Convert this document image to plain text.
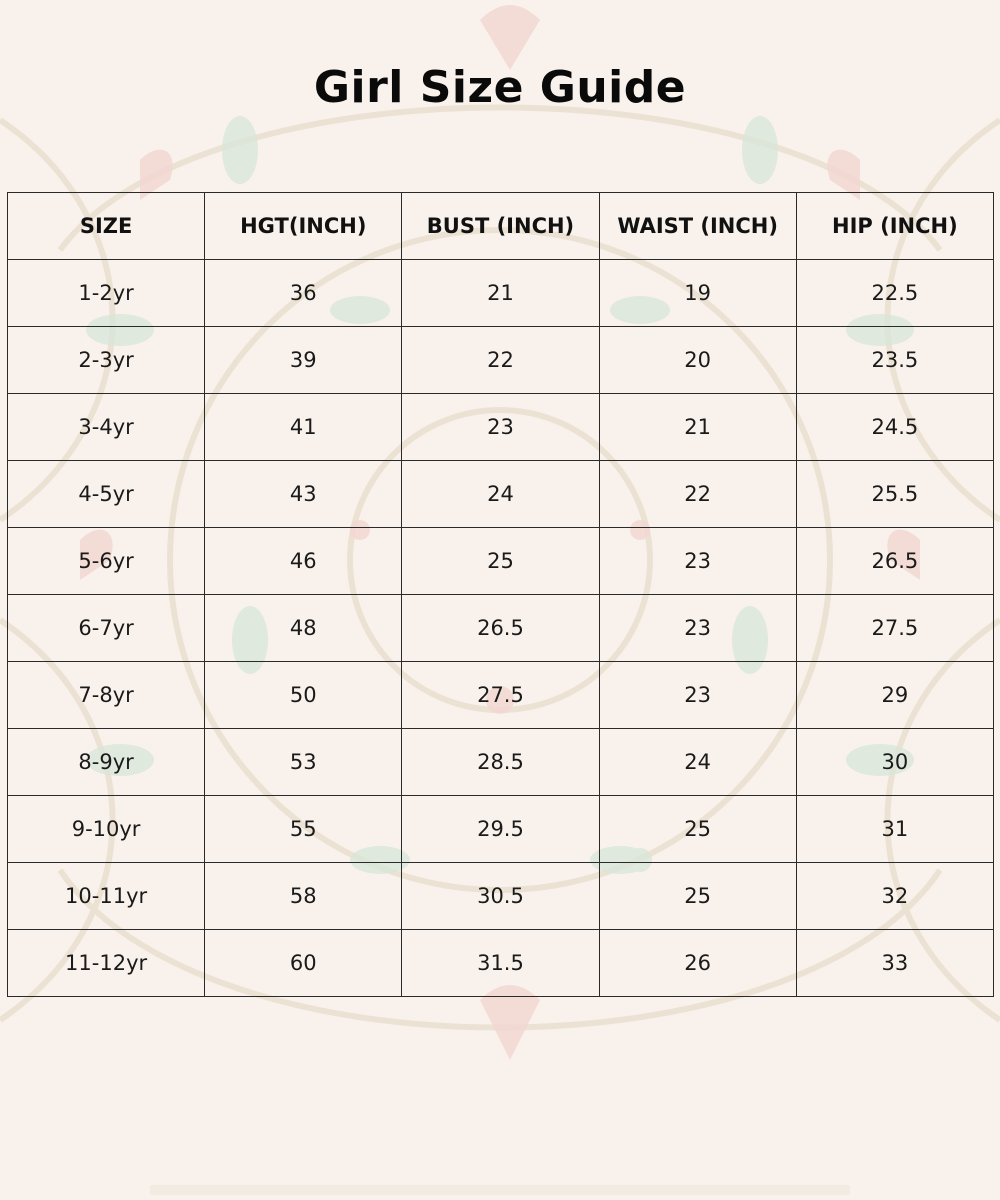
Girl Size Guide
SIZE	HGT(INCH)	BUST (INCH)	WAIST (INCH)	HIP (INCH)
1-2yr	36	21	19	22.5
2-3yr	39	22	20	23.5
3-4yr	41	23	21	24.5
4-5yr	43	24	22	25.5
5-6yr	46	25	23	26.5
6-7yr	48	26.5	23	27.5
7-8yr	50	27.5	23	29
8-9yr	53	28.5	24	30
9-10yr	55	29.5	25	31
10-11yr	58	30.5	25	32
11-12yr	60	31.5	26	33
